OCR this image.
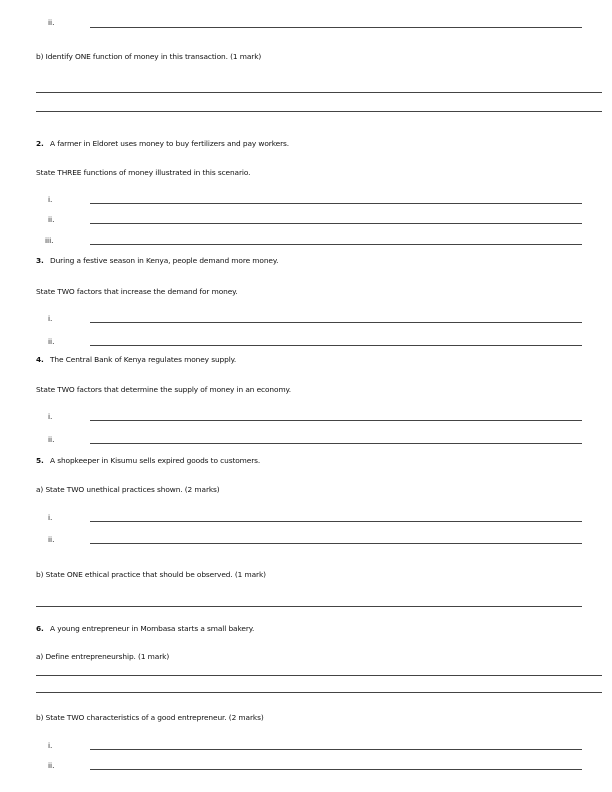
ii.
b) Identify ONE function of money in this transaction. (1 mark)
2. A farmer in Eldoret uses money to buy fertilizers and pay workers.
State THREE functions of money illustrated in this scenario.
i.
ii.
iii.
3. During a festive season in Kenya, people demand more money.
State TWO factors that increase the demand for money.
i.
ii.
4. The Central Bank of Kenya regulates money supply.
State TWO factors that determine the supply of money in an economy.
i.
ii.
5. A shopkeeper in Kisumu sells expired goods to customers.
a) State TWO unethical practices shown. (2 marks)
i.
ii.
b) State ONE ethical practice that should be observed. (1 mark)
6. A young entrepreneur in Mombasa starts a small bakery.
a) Define entrepreneurship. (1 mark)
b) State TWO characteristics of a good entrepreneur. (2 marks)
i.
ii.
